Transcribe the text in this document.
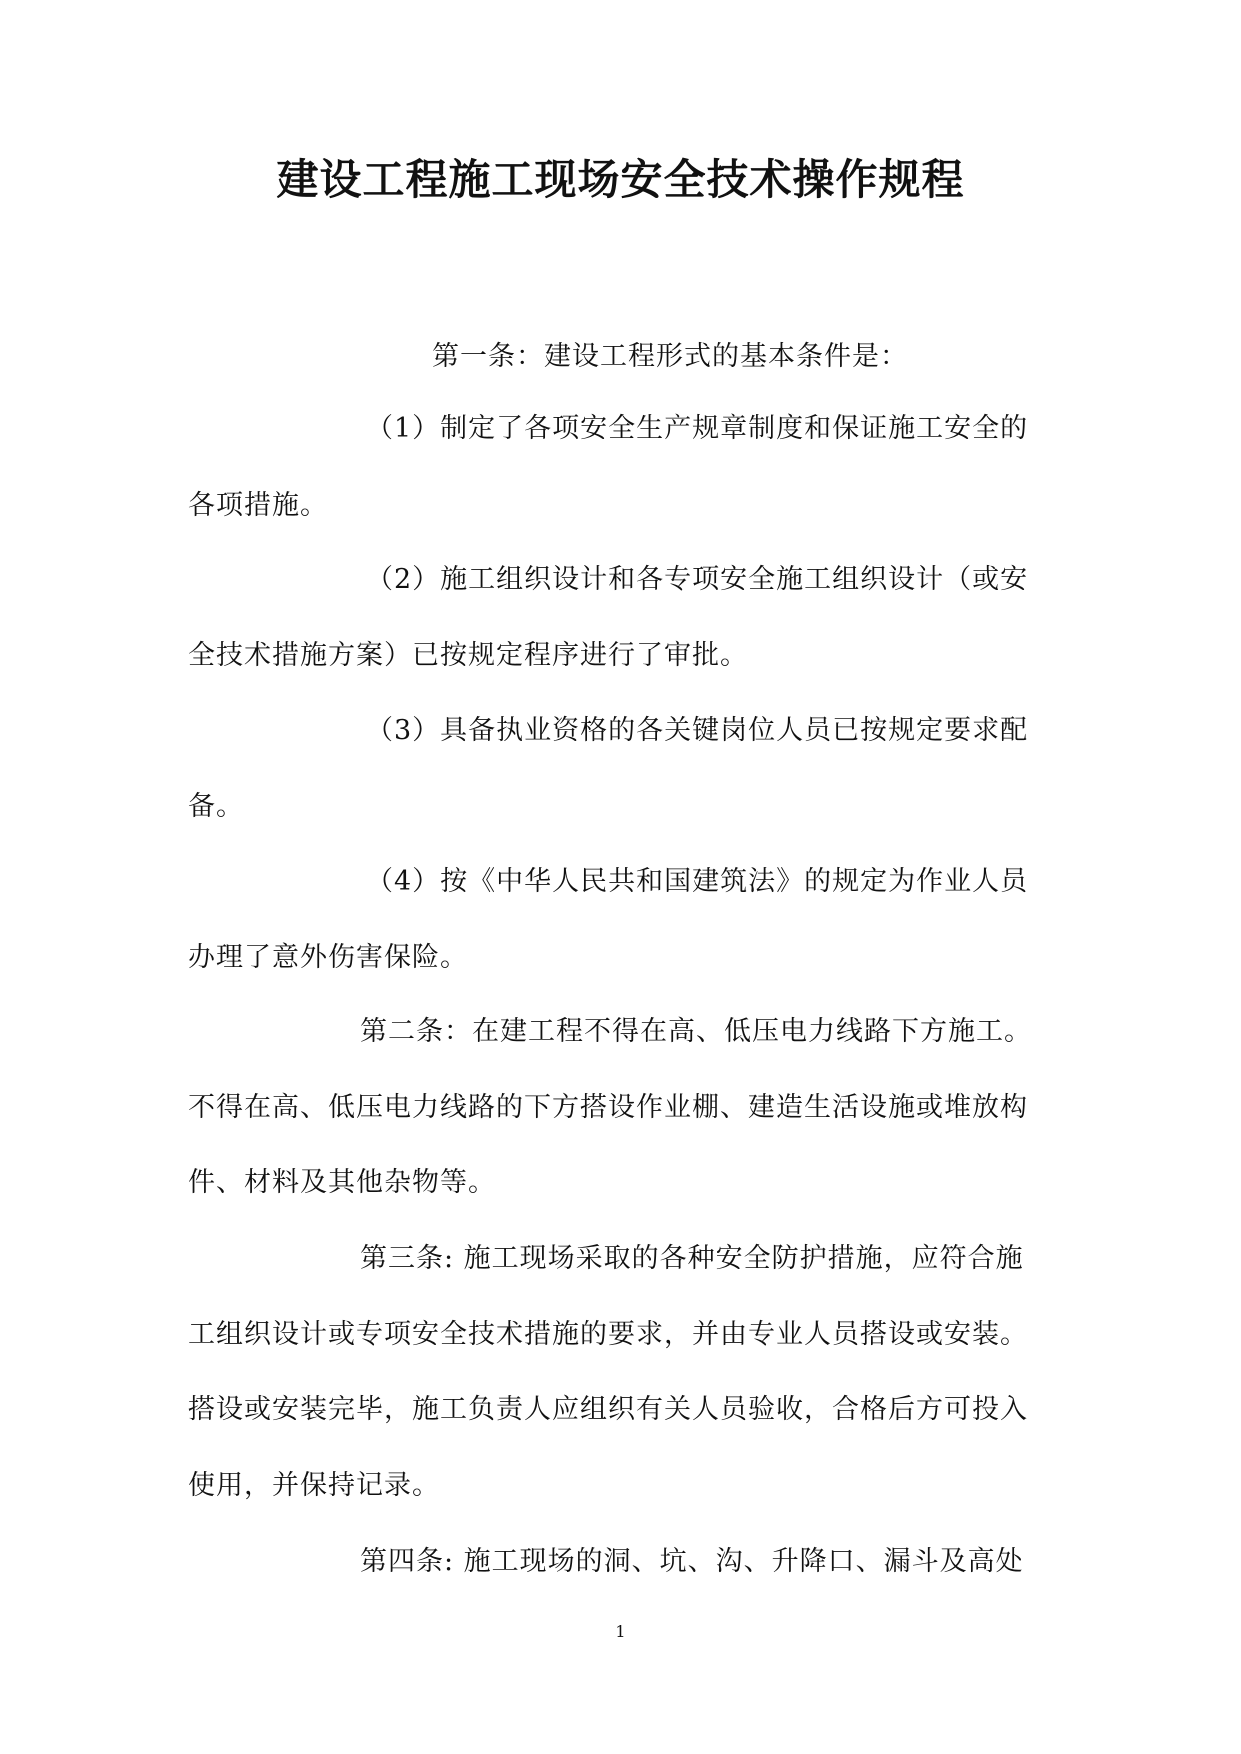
建设工程施工现场安全技术操作规程
第一条：建设工程形式的基本条件是：
（1）制定了各项安全生产规章制度和保证施工安全的
各项措施。
（2）施工组织设计和各专项安全施工组织设计（或安
全技术措施方案）已按规定程序进行了审批。
（3）具备执业资格的各关键岗位人员已按规定要求配
备。
（4）按《中华人民共和国建筑法》的规定为作业人员
办理了意外伤害保险。
第二条：在建工程不得在高、低压电力线路下方施工。
不得在高、低压电力线路的下方搭设作业棚、建造生活设施或堆放构
件、材料及其他杂物等。
第三条: 施工现场采取的各种安全防护措施，应符合施
工组织设计或专项安全技术措施的要求，并由专业人员搭设或安装。
搭设或安装完毕，施工负责人应组织有关人员验收，合格后方可投入
使用，并保持记录。
第四条: 施工现场的洞、坑、沟、升降口、漏斗及高处
1
